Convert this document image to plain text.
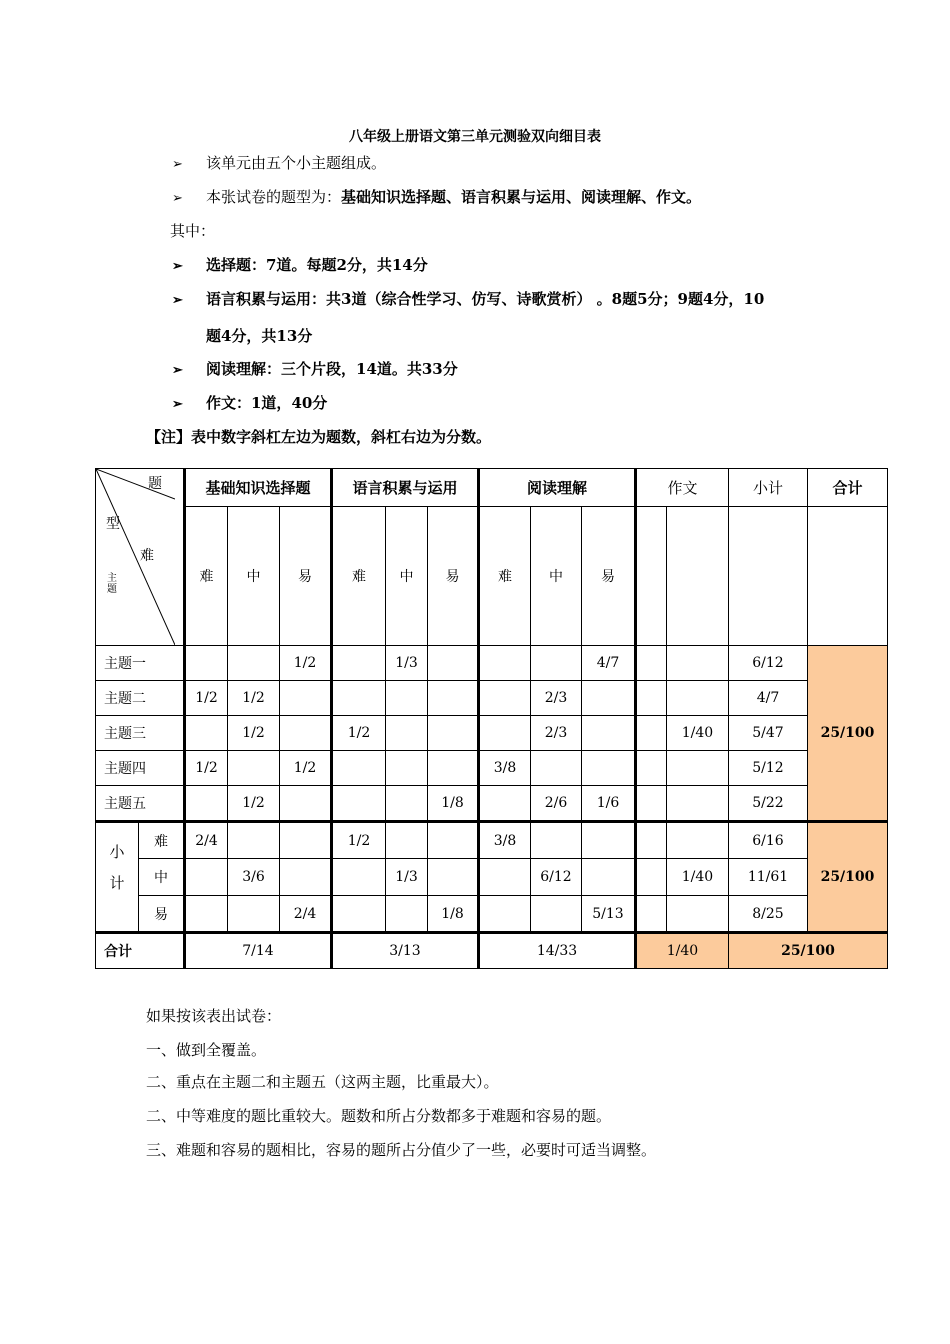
八年级上册语文第三单元测验双向细目表
➢ 该单元由五个小主题组成。
➢ 本张试卷的题型为：基础知识选择题、语言积累与运用、阅读理解、作文。
其中：
➢ 选择题：7道。每题2分，共14分
➢ 语言积累与运用：共3道（综合性学习、仿写、诗歌赏析） 。8题5分；9题4分，10
题4分，共13分
➢ 阅读理解：三个片段，14道。共33分
➢ 作文：1道，40分
【注】表中数字斜杠左边为题数，斜杠右边为分数。
题
型
难
主题		基础知识选择题			语言积累与运用			阅读理解			作文		小计	合计
		难	中	易	难	中	易	难	中	易				
主题一				1/2		1/3				4/7			6/12	25/100
主题二		1/2	1/2						2/3				4/7	
主题三			1/2		1/2				2/3			1/40	5/47	
主题四		1/2		1/2				3/8					5/12	
主题五			1/2				1/8		2/6	1/6			5/22	
小计	难	2/4			1/2			3/8					6/16	25/100
	中		3/6			1/3			6/12			1/40	11/61	
	易			2/4			1/8			5/13			8/25	
合计		7/14			3/13			14/33			1/40		25/100	
如果按该表出试卷：
一、做到全覆盖。
二、重点在主题二和主题五（这两主题，比重最大）。
二、中等难度的题比重较大。题数和所占分数都多于难题和容易的题。
三、难题和容易的题相比，容易的题所占分值少了一些，必要时可适当调整。
